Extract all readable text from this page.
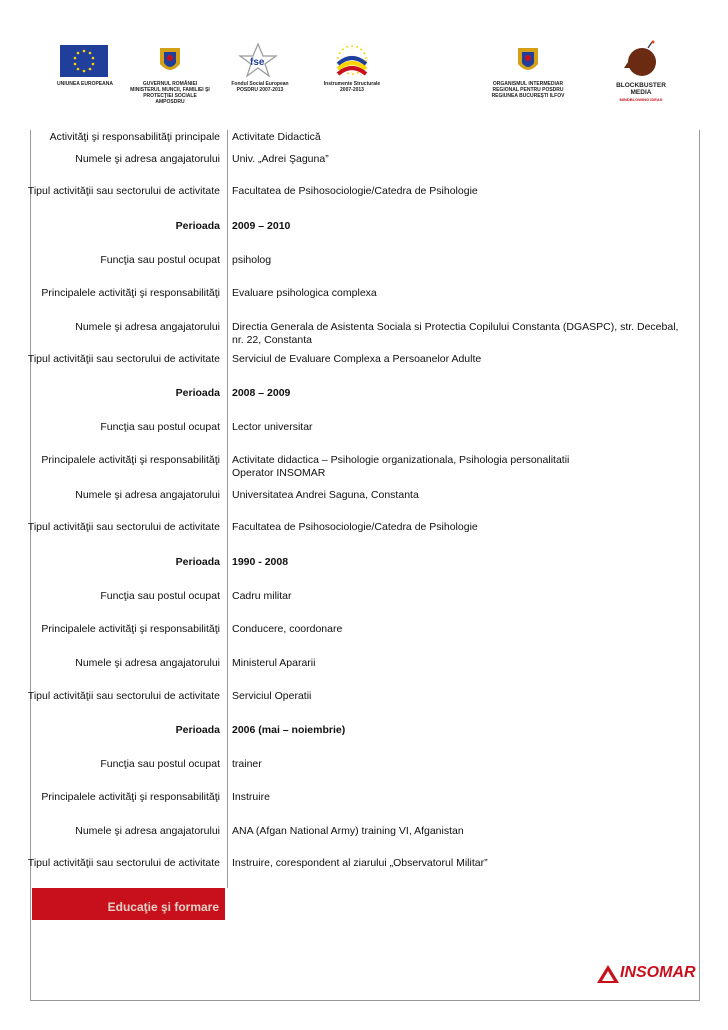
UNIUNEA EUROPEANA	GUVERNUL ROMÂNIEI MINISTERUL MUNCII, FAMILIEI ŞI PROTECŢIEI SOCIALE AMPOSDRU
fse
Fondul Social European POSDRU 2007-2013
Instrumente Structurale 2007-2013
ORGANISMUL INTERMEDIAR REGIONAL PENTRU POSDRU REGIUNEA BUCUREŞTI ILFOV
BLOCKBUSTER MEDIA
MINDBLOWING IDEAS
Activităţi şi responsabilităţi principale Activitate Didactică
Numele şi adresa angajatorului Univ. „Adrei Şaguna”
Tipul activităţii sau sectorului de activitate Facultatea de Psihosociologie/Catedra de Psihologie
Perioada 2009 – 2010
Funcţia sau postul ocupat psiholog
Principalele activităţi şi responsabilităţi Evaluare psihologica complexa
Numele şi adresa angajatorului Directia Generala de Asistenta Sociala si Protectia Copilului Constanta (DGASPC), str. Decebal, nr. 22, Constanta
Tipul activităţii sau sectorului de activitate Serviciul de Evaluare Complexa a Persoanelor Adulte
Perioada 2008 – 2009
Funcţia sau postul ocupat Lector universitar
Principalele activităţi şi responsabilităţi Activitate didactica – Psihologie organizationala, Psihologia personalitatii
Operator INSOMAR
Numele şi adresa angajatorului Universitatea Andrei Saguna, Constanta
Tipul activităţii sau sectorului de activitate Facultatea de Psihosociologie/Catedra de Psihologie
Perioada 1990 - 2008
Funcţia sau postul ocupat Cadru militar
Principalele activităţi şi responsabilităţi Conducere, coordonare
Numele şi adresa angajatorului Ministerul Apararii
Tipul activităţii sau sectorului de activitate Serviciul Operatii
Perioada 2006 (mai – noiembrie)
Funcţia sau postul ocupat trainer
Principalele activităţi şi responsabilităţi Instruire
Numele şi adresa angajatorului ANA (Afgan National Army) training VI, Afganistan
Tipul activităţii sau sectorului de activitate Instruire, corespondent al ziarului „Observatorul Militar”
Educaţie şi formare
INSOMAR
